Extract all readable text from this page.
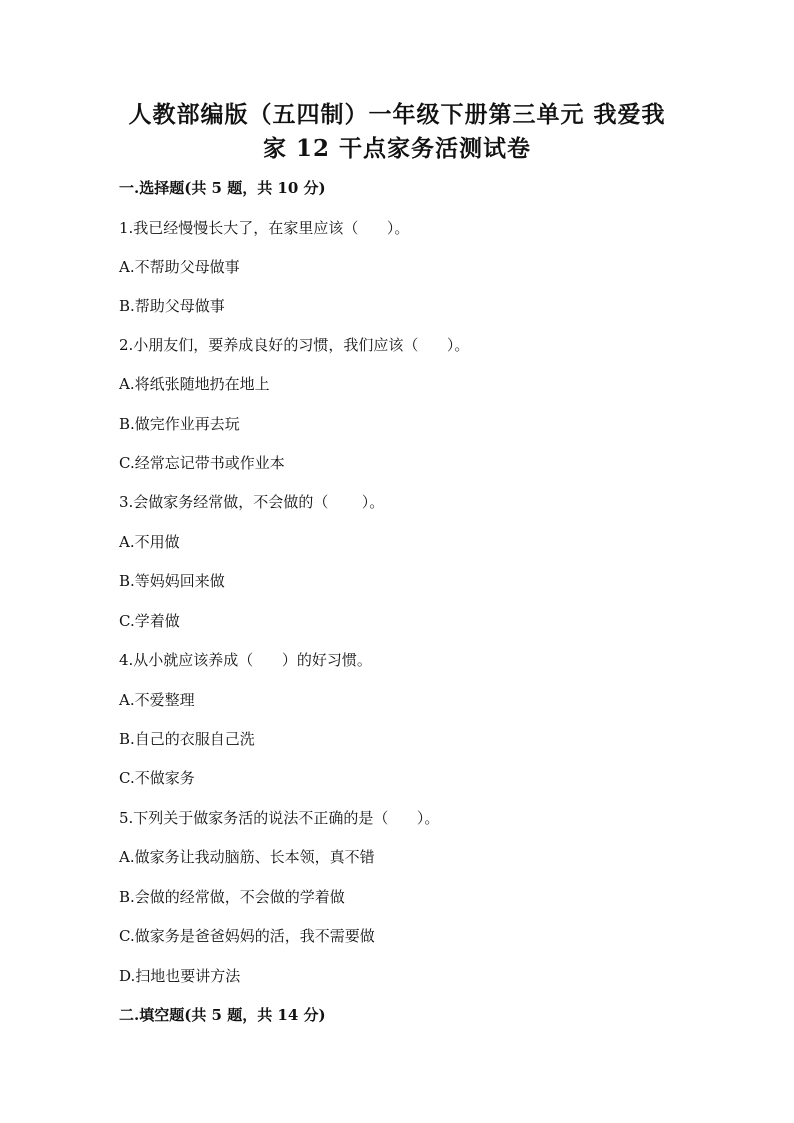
人教部编版（五四制）一年级下册第三单元 我爱我
家 12 干点家务活测试卷
一.选择题(共 5 题，共 10 分)
1.我已经慢慢长大了，在家里应该（      ）。
A.不帮助父母做事
B.帮助父母做事
2.小朋友们，要养成良好的习惯，我们应该（      ）。
A.将纸张随地扔在地上
B.做完作业再去玩
C.经常忘记带书或作业本
3.会做家务经常做，不会做的（       ）。
A.不用做
B.等妈妈回来做
C.学着做
4.从小就应该养成（      ）的好习惯。
A.不爱整理
B.自己的衣服自己洗
C.不做家务
5.下列关于做家务活的说法不正确的是（      ）。
A.做家务让我动脑筋、长本领，真不错
B.会做的经常做，不会做的学着做
C.做家务是爸爸妈妈的活，我不需要做
D.扫地也要讲方法
二.填空题(共 5 题，共 14 分)
